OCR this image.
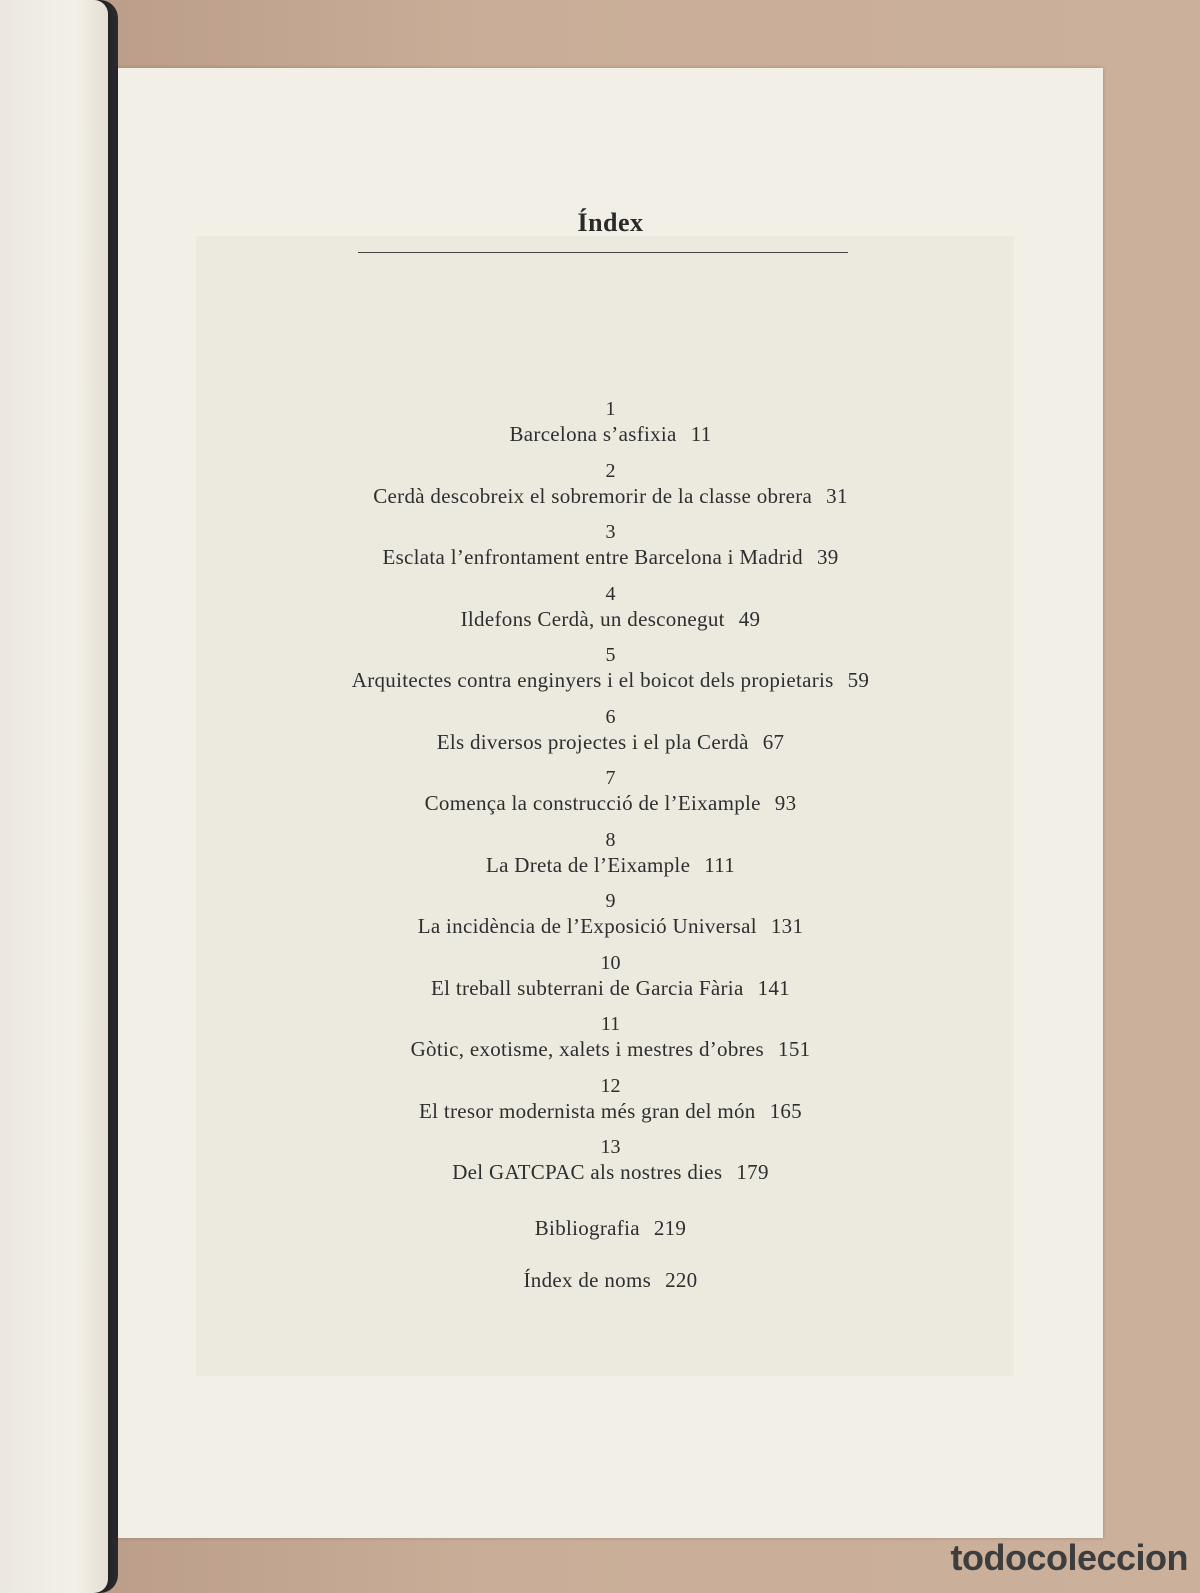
Índex
1
Barcelona s’asfixia 11
2
Cerdà descobreix el sobremorir de la classe obrera 31
3
Esclata l’enfrontament entre Barcelona i Madrid 39
4
Ildefons Cerdà, un desconegut 49
5
Arquitectes contra enginyers i el boicot dels propietaris 59
6
Els diversos projectes i el pla Cerdà 67
7
Comença la construcció de l’Eixample 93
8
La Dreta de l’Eixample 111
9
La incidència de l’Exposició Universal 131
10
El treball subterrani de Garcia Fària 141
11
Gòtic, exotisme, xalets i mestres d’obres 151
12
El tresor modernista més gran del món 165
13
Del GATCPAC als nostres dies 179
Bibliografia 219
Índex de noms 220
todocoleccion
